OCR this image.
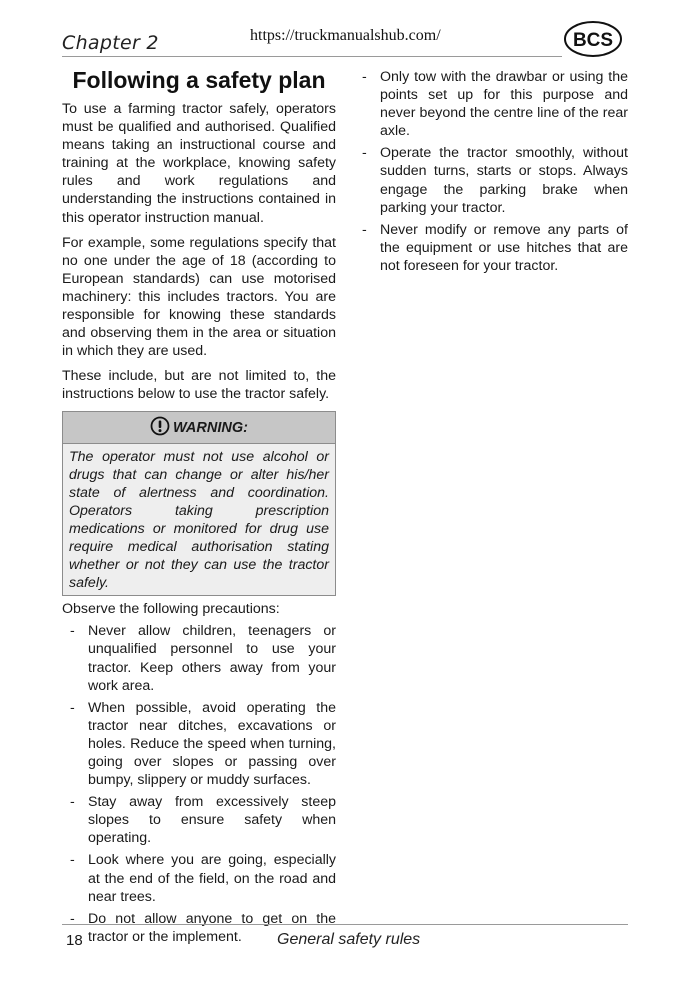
Chapter 2	https://truckmanualshub.com/	BCS
Following a safety plan

To use a farming tractor safely, operators must be qualified and authorised. Qualified means taking an instructional course and training at the workplace, knowing safety rules and work regulations and understanding the instructions contained in this operator instruction manual.

For example, some regulations specify that no one under the age of 18 (according to European standards) can use motorised machinery: this includes tractors. You are responsible for knowing these standards and observing them in the area or situation in which they are used.

These include, but are not limited to, the instructions below to use the tractor safely.

WARNING:
The operator must not use alcohol or drugs that can change or alter his/her state of alertness and coordination. Operators taking prescription medications or monitored for drug use require medical authorisation stating whether or not they can use the tractor safely.

Observe the following precautions:

- Never allow children, teenagers or unqualified personnel to use your tractor. Keep others away from your work area.
- When possible, avoid operating the tractor near ditches, excavations or holes. Reduce the speed when turning, going over slopes or passing over bumpy, slippery or muddy surfaces.
- Stay away from excessively steep slopes to ensure safety when operating.
- Look where you are going, especially at the end of the field, on the road and near trees.
- Do not allow anyone to get on the tractor or the implement.
- Only tow with the drawbar or using the points set up for this purpose and never beyond the centre line of the rear axle.
- Operate the tractor smoothly, without sudden turns, starts or stops. Always engage the parking brake when parking your tractor.
- Never modify or remove any parts of the equipment or use hitches that are not foreseen for your tractor.
18	General safety rules
